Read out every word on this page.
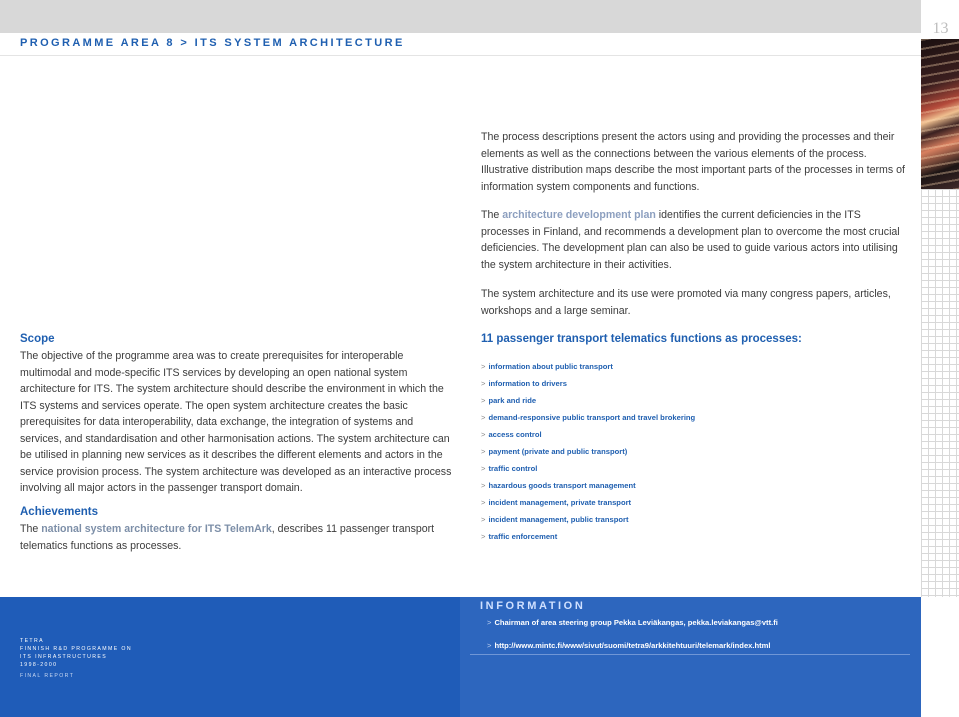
PROGRAMME AREA 8 > ITS SYSTEM ARCHITECTURE
13
The process descriptions present the actors using and providing the processes and their elements as well as the connections between the various elements of the process. Illustrative distribution maps describe the most important parts of the processes in terms of information system components and functions.
The architecture development plan identifies the current deficiencies in the ITS processes in Finland, and recommends a development plan to overcome the most crucial deficiencies. The development plan can also be used to guide various actors into utilising the system architecture in their activities.
The system architecture and its use were promoted via many congress papers, articles, workshops and a large seminar.
11 passenger transport telematics functions as processes:
> information about public transport
> information to drivers
> park and ride
> demand-responsive public transport and travel brokering
> access control
> payment (private and public transport)
> traffic control
> hazardous goods transport management
> incident management, private transport
> incident management, public transport
> traffic enforcement
Scope
The objective of the programme area was to create prerequisites for interoperable multimodal and mode-specific ITS services by developing an open national system architecture for ITS. The system architecture should describe the environment in which the ITS systems and services operate. The open system architecture creates the basic prerequisites for data interoperability, data exchange, the integration of systems and services, and standardisation and other harmonisation actions. The system architecture can be utilised in planning new services as it describes the different elements and actors in the service provision process. The system architecture was developed as an interactive process involving all major actors in the passenger transport domain.
Achievements
The national system architecture for ITS TelemArk, describes 11 passenger transport telematics functions as processes.
INFORMATION
> Chairman of area steering group Pekka Leviäkangas, pekka.leviakangas@vtt.fi
> http://www.mintc.fi/www/sivut/suomi/tetra9/arkkitehtuuri/telemark/index.html
TETRA
FINNISH R&D PROGRAMME ON
ITS INFRASTRUCTURES
1998-2000
FINAL REPORT
